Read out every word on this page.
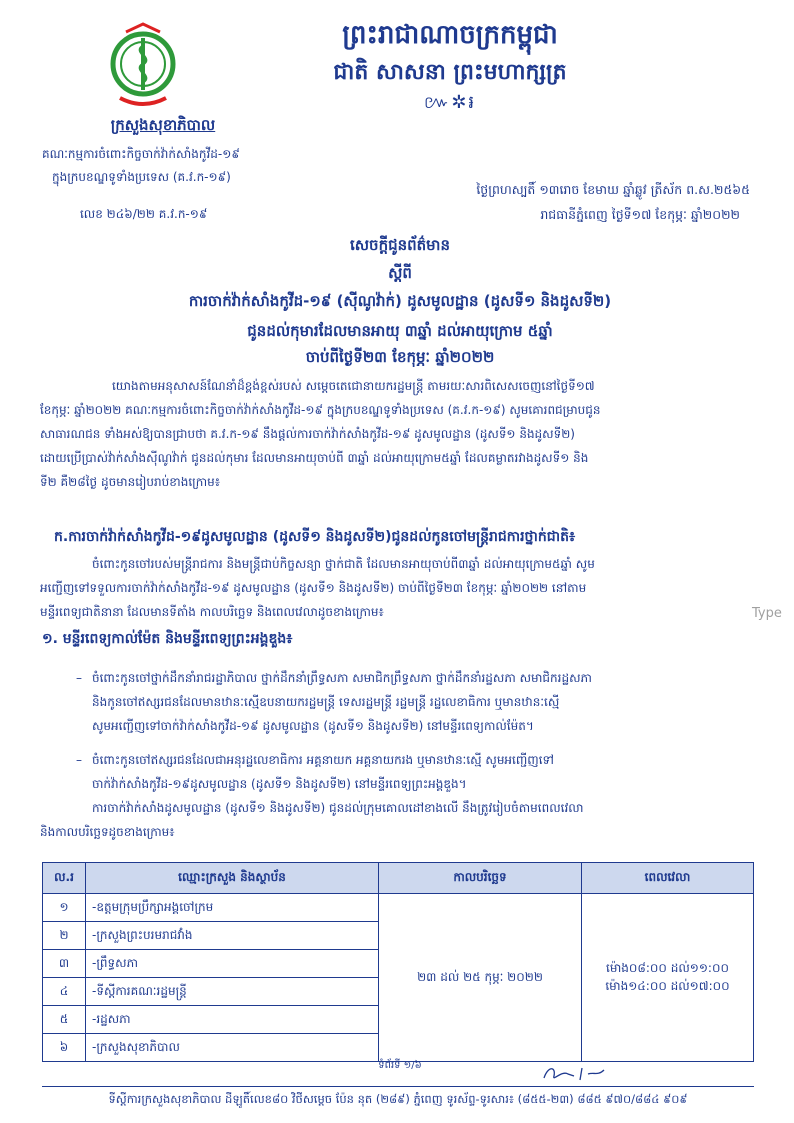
ព្រះរាជាណាចក្រកម្ពុជា
ជាតិ សាសនា ព្រះមហាក្សត្រ
៚✲៛
ក្រសួងសុខាភិបាល
គណៈកម្មការចំពោះកិច្ចចាក់វ៉ាក់សាំងកូវីដ-១៩
ក្នុងក្របខណ្ឌទូទាំងប្រទេស (គ.វ.ក-១៩)
ថ្ងៃព្រហស្បតិ៍ ១៣រោច ខែមាឃ ឆ្នាំឆ្លូវ ត្រីស័ក ព.ស.២៥៦៥
លេខ ២៤៦/២២ គ.វ.ក-១៩	រាជធានីភ្នំពេញ ថ្ងៃទី១៧ ខែកុម្ភៈ ឆ្នាំ២០២២
សេចក្តីជូនព័ត៌មាន
ស្តីពី
ការចាក់វ៉ាក់សាំងកូវីដ-១៩ (ស៊ីណូវ៉ាក់) ដូសមូលដ្ឋាន (ដូសទី១ និងដូសទី២)
ជូនដល់កុមារដែលមានអាយុ ៣ឆ្នាំ ដល់អាយុក្រោម ៥ឆ្នាំ
ចាប់ពីថ្ងៃទី២៣ ខែកុម្ភៈ ឆ្នាំ២០២២

យោងតាមអនុសាសន៍ណែនាំដ៏ខ្ពង់ខ្ពស់របស់ សម្តេចតេជោនាយករដ្ឋមន្ត្រី តាមរយៈសារពិសេសចេញនៅថ្ងៃទី១៧

ខែកុម្ភៈ ឆ្នាំ២០២២ គណៈកម្មការចំពោះកិច្ចចាក់វ៉ាក់សាំងកូវីដ-១៩ ក្នុងក្របខណ្ឌទូទាំងប្រទេស (គ.វ.ក-១៩) សូមគោរពជម្រាបជូន

សាធារណជន ទាំងអស់ឱ្យបានជ្រាបថា គ.វ.ក-១៩ នឹងផ្តល់ការចាក់វ៉ាក់សាំងកូវីដ-១៩ ដូសមូលដ្ឋាន (ដូសទី១ និងដូសទី២)

ដោយប្រើប្រាស់វ៉ាក់សាំងស៊ីណូវ៉ាក់ ជូនដល់កុមារ ដែលមានអាយុចាប់ពី ៣ឆ្នាំ ដល់អាយុក្រោម៥ឆ្នាំ ដែលគម្លាតរវាងដូសទី១ និង

ទី២ គឺ២៨ថ្ងៃ ដូចមានរៀបរាប់ខាងក្រោម៖

ក.ការចាក់វ៉ាក់សាំងកូវីដ-១៩ដូសមូលដ្ឋាន (ដូសទី១ និងដូសទី២)ជូនដល់កូនចៅមន្ត្រីរាជការថ្នាក់ជាតិ៖

ចំពោះកូនចៅរបស់មន្ត្រីរាជការ និងមន្ត្រីជាប់កិច្ចសន្យា ថ្នាក់ជាតិ ដែលមានអាយុចាប់ពី៣ឆ្នាំ ដល់អាយុក្រោម៥ឆ្នាំ សូម

អញ្ជើញទៅទទួលការចាក់វ៉ាក់សាំងកូវីដ-១៩ ដូសមូលដ្ឋាន (ដូសទី១ និងដូសទី២) ចាប់ពីថ្ងៃទី២៣ ខែកុម្ភៈ ឆ្នាំ២០២២ នៅតាម

មន្ទីរពេទ្យជាតិនានា ដែលមានទីតាំង កាលបរិច្ឆេទ និងពេលវេលាដូចខាងក្រោម៖	Type
១. មន្ទីរពេទ្យកាល់ម៉ែត និងមន្ទីរពេទ្យព្រះអង្គឌួង៖
– ចំពោះកូនចៅថ្នាក់ដឹកនាំរាជរដ្ឋាភិបាល ថ្នាក់ដឹកនាំព្រឹទ្ធសភា សមាជិកព្រឹទ្ធសភា ថ្នាក់ដឹកនាំរដ្ឋសភា សមាជិករដ្ឋសភា
និងកូនចៅឥស្សរជនដែលមានឋានៈស្មើឧបនាយករដ្ឋមន្ត្រី ទេសរដ្ឋមន្ត្រី រដ្ឋមន្ត្រី រដ្ឋលេខាធិការ ឬមានឋានៈស្មើ
សូមអញ្ជើញទៅចាក់វ៉ាក់សាំងកូវីដ-១៩ ដូសមូលដ្ឋាន (ដូសទី១ និងដូសទី២) នៅមន្ទីរពេទ្យកាល់ម៉ែត។
– ចំពោះកូនចៅឥស្សរជនដែលជាអនុរដ្ឋលេខាធិការ អគ្គនាយក អគ្គនាយករង ឬមានឋានៈស្មើ សូមអញ្ជើញទៅ
ចាក់វ៉ាក់សាំងកូវីដ-១៩ដូសមូលដ្ឋាន (ដូសទី១ និងដូសទី២) នៅមន្ទីរពេទ្យព្រះអង្គឌួង។

ការចាក់វ៉ាក់សាំងដូសមូលដ្ឋាន (ដូសទី១ និងដូសទី២) ជូនដល់ក្រុមគោលដៅខាងលើ នឹងត្រូវរៀបចំតាមពេលវេលា

និងកាលបរិច្ឆេទដូចខាងក្រោម៖

ល.រ	ឈ្មោះក្រសួង និងស្ថាប័ន	កាលបរិច្ឆេទ	ពេលវេលា
១	-ឧត្តមក្រុមប្រឹក្សាអង្គចៅក្រម	២៣ ដល់ ២៥ កុម្ភៈ ២០២២	ម៉ោង០៨:០០ ដល់១១:០០
ម៉ោង១៤:០០ ដល់១៧:០០

២	-ក្រសួងព្រះបរមរាជវាំង		
៣	-ព្រឹទ្ធសភា		
៤	-ទីស្តីការគណៈរដ្ឋមន្ត្រី		
៥	-រដ្ឋសភា		
៦	-ក្រសួងសុខាភិបាល		
ទំព័រទី ១/៦
ទីស្តីការក្រសួងសុខាភិបាល ដីឡូតិ៍លេខ៨០ វិថីសម្តេច ប៉ែន នុត (២៨៩) ភ្នំពេញ ទូរស័ព្ទ-ទូរសារ៖ (៨៥៥-២៣) ៨៨៥ ៩៧០/៨៨៤ ៩០៩
